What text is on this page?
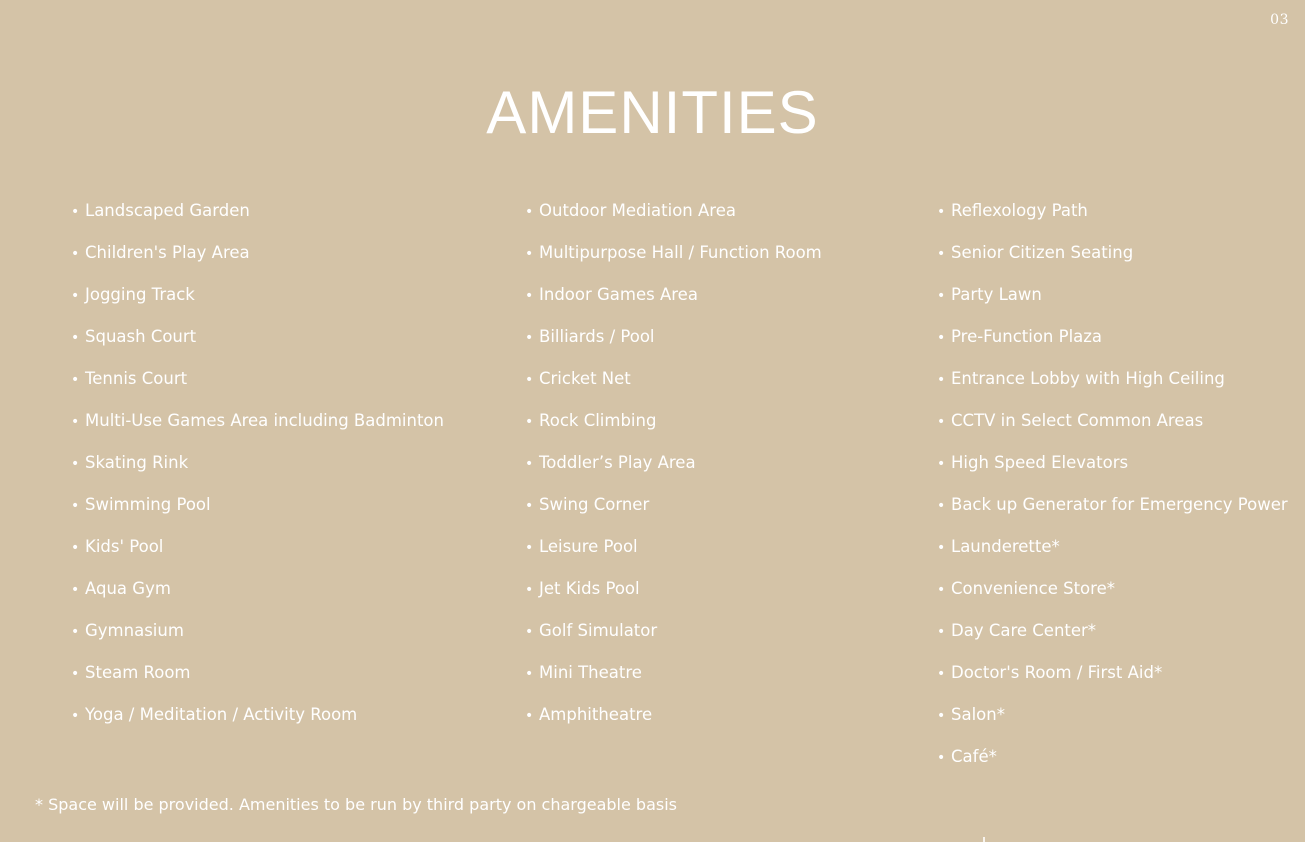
03
AMENITIES
• Landscaped Garden
• Children's Play Area
• Jogging Track
• Squash Court
• Tennis Court
• Multi-Use Games Area including Badminton
• Skating Rink
• Swimming Pool
• Kids' Pool
• Aqua Gym
• Gymnasium
• Steam Room
• Yoga / Meditation / Activity Room
• Outdoor Mediation Area
• Multipurpose Hall / Function Room
• Indoor Games Area
• Billiards / Pool
• Cricket Net
• Rock Climbing
• Toddler’s Play Area
• Swing Corner
• Leisure Pool
• Jet Kids Pool
• Golf Simulator
• Mini Theatre
• Amphitheatre
• Reflexology Path
• Senior Citizen Seating
• Party Lawn
• Pre-Function Plaza
• Entrance Lobby with High Ceiling
• CCTV in Select Common Areas
• High Speed Elevators
• Back up Generator for Emergency Power
• Launderette*
• Convenience Store*
• Day Care Center*
• Doctor's Room / First Aid*
• Salon*
• Café*
* Space will be provided. Amenities to be run by third party on chargeable basis
